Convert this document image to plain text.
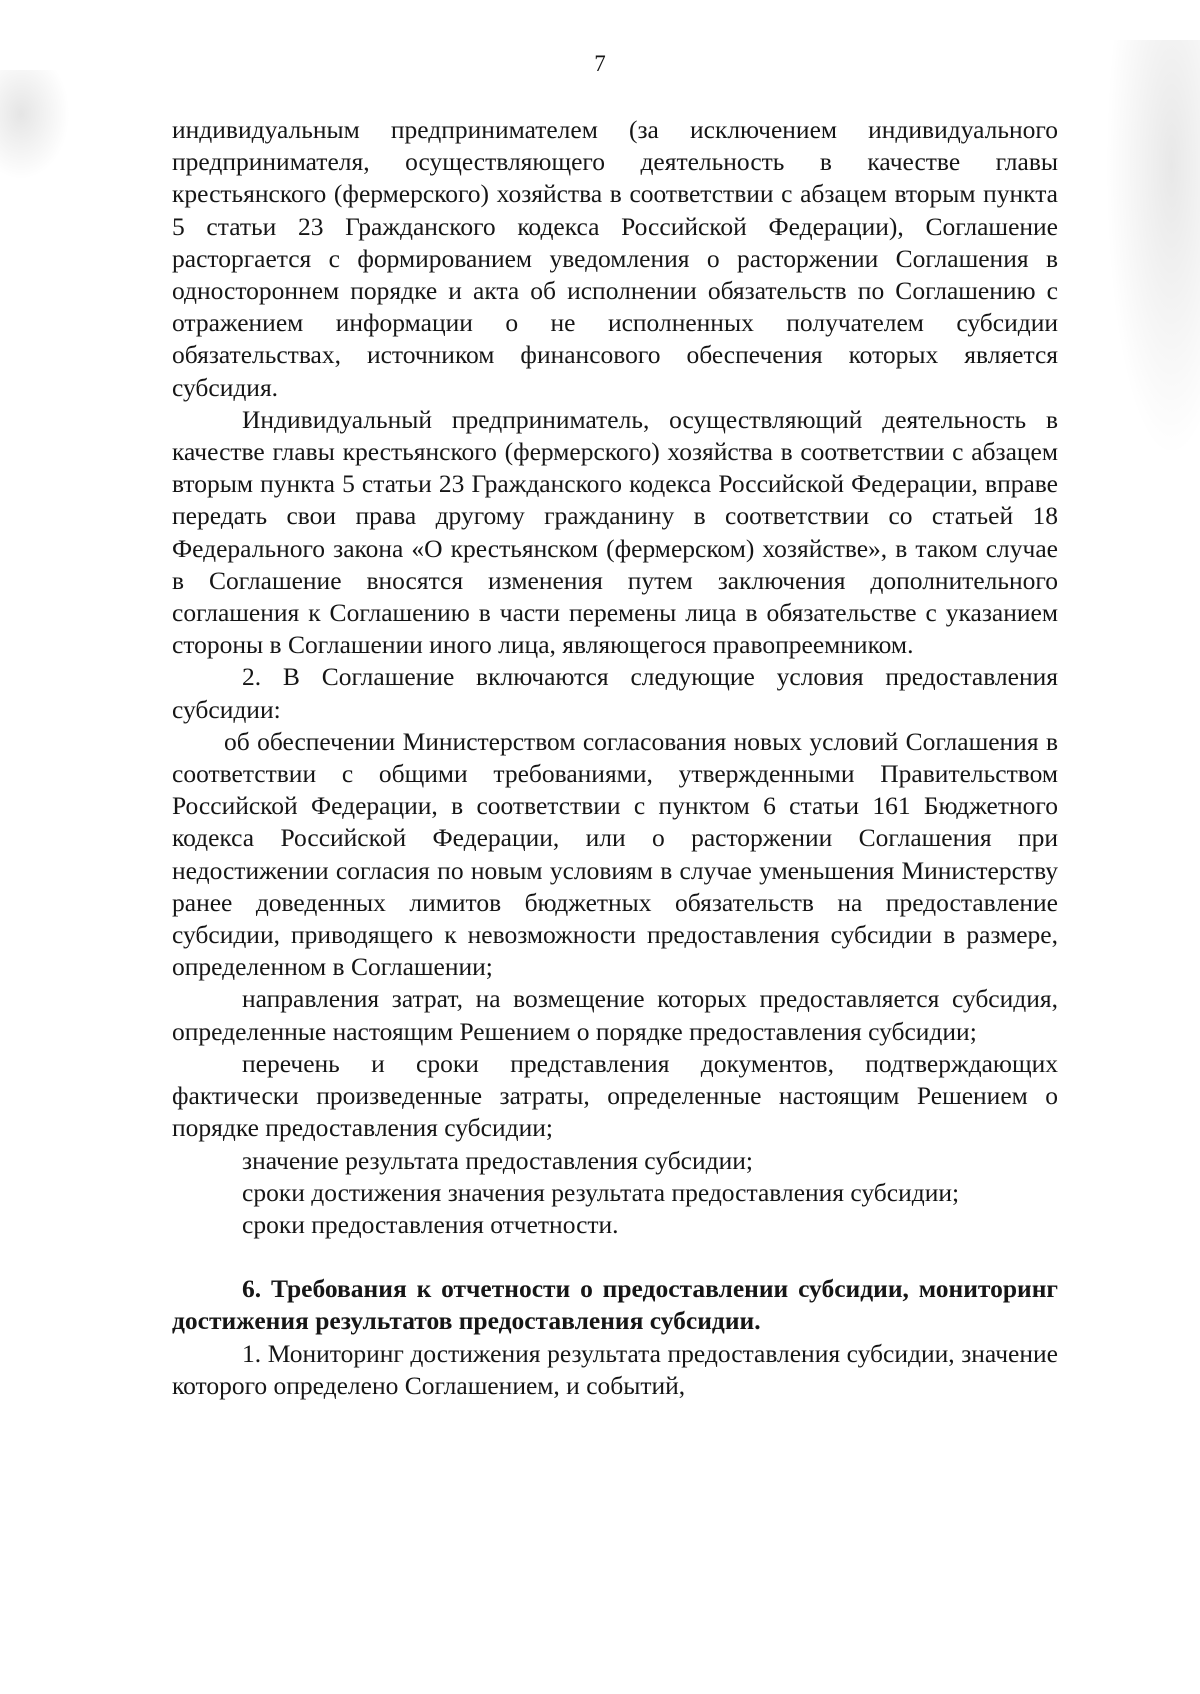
7

индивидуальным предпринимателем (за исключением индивидуального предпринимателя, осуществляющего деятельность в качестве главы крестьянского (фермерского) хозяйства в соответствии с абзацем вторым пункта 5 статьи 23 Гражданского кодекса Российской Федерации), Соглашение расторгается с формированием уведомления о расторжении Соглашения в одностороннем порядке и акта об исполнении обязательств по Соглашению с отражением информации о не исполненных получателем субсидии обязательствах, источником финансового обеспечения которых является субсидия.

Индивидуальный предприниматель, осуществляющий деятельность в качестве главы крестьянского (фермерского) хозяйства в соответствии с абзацем вторым пункта 5 статьи 23 Гражданского кодекса Российской Федерации, вправе передать свои права другому гражданину в соответствии со статьей 18 Федерального закона «О крестьянском (фермерском) хозяйстве», в таком случае в Соглашение вносятся изменения путем заключения дополнительного соглашения к Соглашению в части перемены лица в обязательстве с указанием стороны в Соглашении иного лица, являющегося правопреемником.

2. В Соглашение включаются следующие условия предоставления субсидии:

об обеспечении Министерством согласования новых условий Соглашения в соответствии с общими требованиями, утвержденными Правительством Российской Федерации, в соответствии с пунктом 6 статьи 161 Бюджетного кодекса Российской Федерации, или о расторжении Соглашения при недостижении согласия по новым условиям в случае уменьшения Министерству ранее доведенных лимитов бюджетных обязательств на предоставление субсидии, приводящего к невозможности предоставления субсидии в размере, определенном в Соглашении;

направления затрат, на возмещение которых предоставляется субсидия, определенные настоящим Решением о порядке предоставления субсидии;

перечень и сроки представления документов, подтверждающих фактически произведенные затраты, определенные настоящим Решением о порядке предоставления субсидии;

значение результата предоставления субсидии;

сроки достижения значения результата предоставления субсидии;

сроки предоставления отчетности.

6. Требования к отчетности о предоставлении субсидии, мониторинг достижения результатов предоставления субсидии.

1. Мониторинг достижения результата предоставления субсидии, значение которого определено Соглашением, и событий,
